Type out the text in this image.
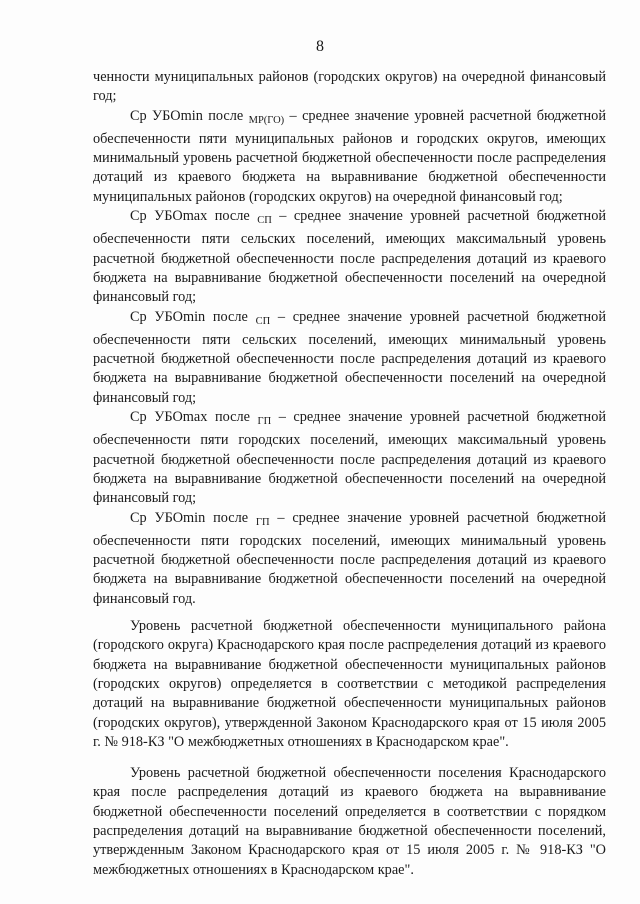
8

ченности муниципальных районов (городских округов) на очередной финансовый год;

Ср УБОmin после $_{МР(ГО)}$ – среднее значение уровней расчетной бюджетной обеспеченности пяти муниципальных районов и городских округов, имеющих минимальный уровень расчетной бюджетной обеспеченности после распределения дотаций из краевого бюджета на выравнивание бюджетной обеспеченности муниципальных районов (городских округов) на очередной финансовый год;

Ср УБОmax после $_{СП}$ – среднее значение уровней расчетной бюджетной обеспеченности пяти сельских поселений, имеющих максимальный уровень расчетной бюджетной обеспеченности после распределения дотаций из краевого бюджета на выравнивание бюджетной обеспеченности поселений на очередной финансовый год;

Ср УБОmin после $_{СП}$ – среднее значение уровней расчетной бюджетной обеспеченности пяти сельских поселений, имеющих минимальный уровень расчетной бюджетной обеспеченности после распределения дотаций из краевого бюджета на выравнивание бюджетной обеспеченности поселений на очередной финансовый год;

Ср УБОmax после $_{ГП}$ – среднее значение уровней расчетной бюджетной обеспеченности пяти городских поселений, имеющих максимальный уровень расчетной бюджетной обеспеченности после распределения дотаций из краевого бюджета на выравнивание бюджетной обеспеченности поселений на очередной финансовый год;

Ср УБОmin после $_{ГП}$ – среднее значение уровней расчетной бюджетной обеспеченности пяти городских поселений, имеющих минимальный уровень расчетной бюджетной обеспеченности после распределения дотаций из краевого бюджета на выравнивание бюджетной обеспеченности поселений на очередной финансовый год.

Уровень расчетной бюджетной обеспеченности муниципального района (городского округа) Краснодарского края после распределения дотаций из краевого бюджета на выравнивание бюджетной обеспеченности муниципальных районов (городских округов) определяется в соответствии с методикой распределения дотаций на выравнивание бюджетной обеспеченности муниципальных районов (городских округов), утвержденной Законом Краснодарского края от 15 июля 2005 г. № 918-КЗ "О межбюджетных отношениях в Краснодарском крае".

Уровень расчетной бюджетной обеспеченности поселения Краснодарского края после распределения дотаций из краевого бюджета на выравнивание бюджетной обеспеченности поселений определяется в соответствии с порядком распределения дотаций на выравнивание бюджетной обеспеченности поселений, утвержденным Законом Краснодарского края от 15 июля 2005 г. № 918-КЗ "О межбюджетных отношениях в Краснодарском крае".
